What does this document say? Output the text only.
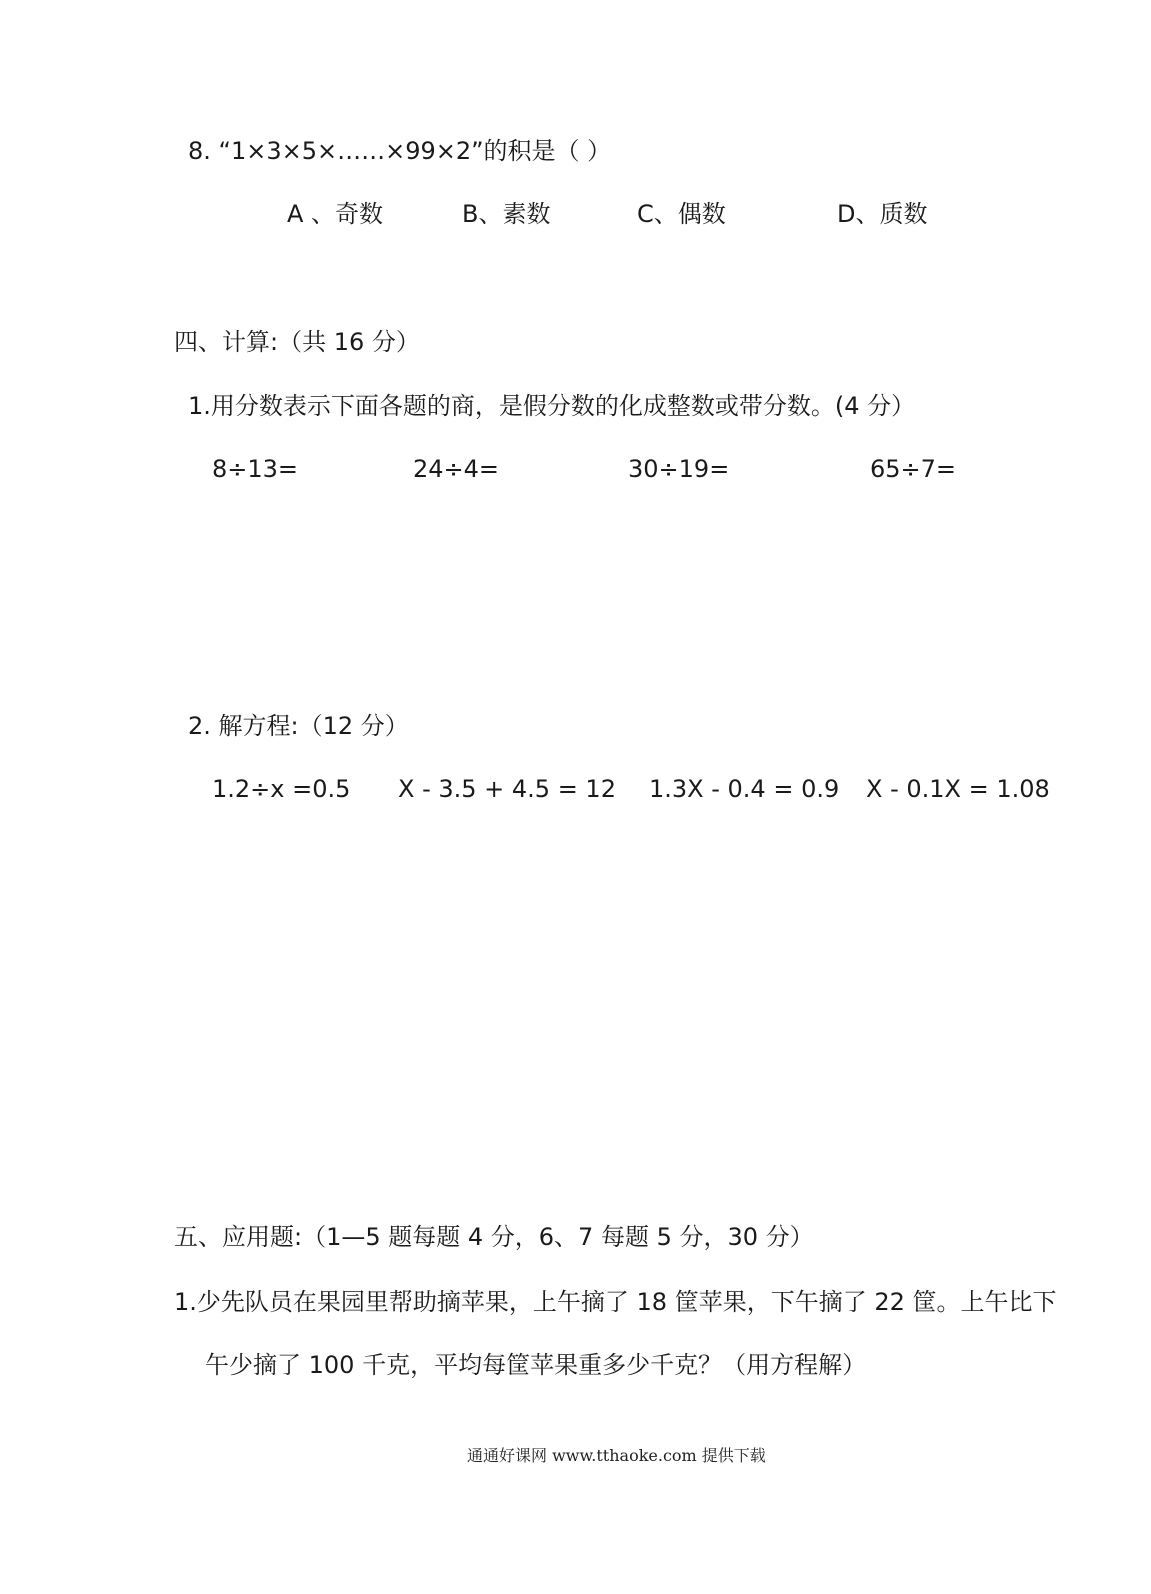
8. “1×3×5×……×99×2”的积是（ ）
A 、奇数	B、素数	C、偶数	D、质数
四、计算:（共 16 分）
1.用分数表示下面各题的商，是假分数的化成整数或带分数。(4 分）
8÷13=	24÷4=	30÷19=	65÷7=
2. 解方程:（12 分）
1.2÷x =0.5 X - 3.5 + 4.5 = 12 1.3X - 0.4 = 0.9 X - 0.1X = 1.08
五、应用题:（1—5 题每题 4 分，6、7 每题 5 分，30 分）
1.少先队员在果园里帮助摘苹果，上午摘了 18 筐苹果，下午摘了 22 筐。上午比下
午少摘了 100 千克，平均每筐苹果重多少千克？（用方程解）
通通好课网 www.tthaoke.com 提供下载
